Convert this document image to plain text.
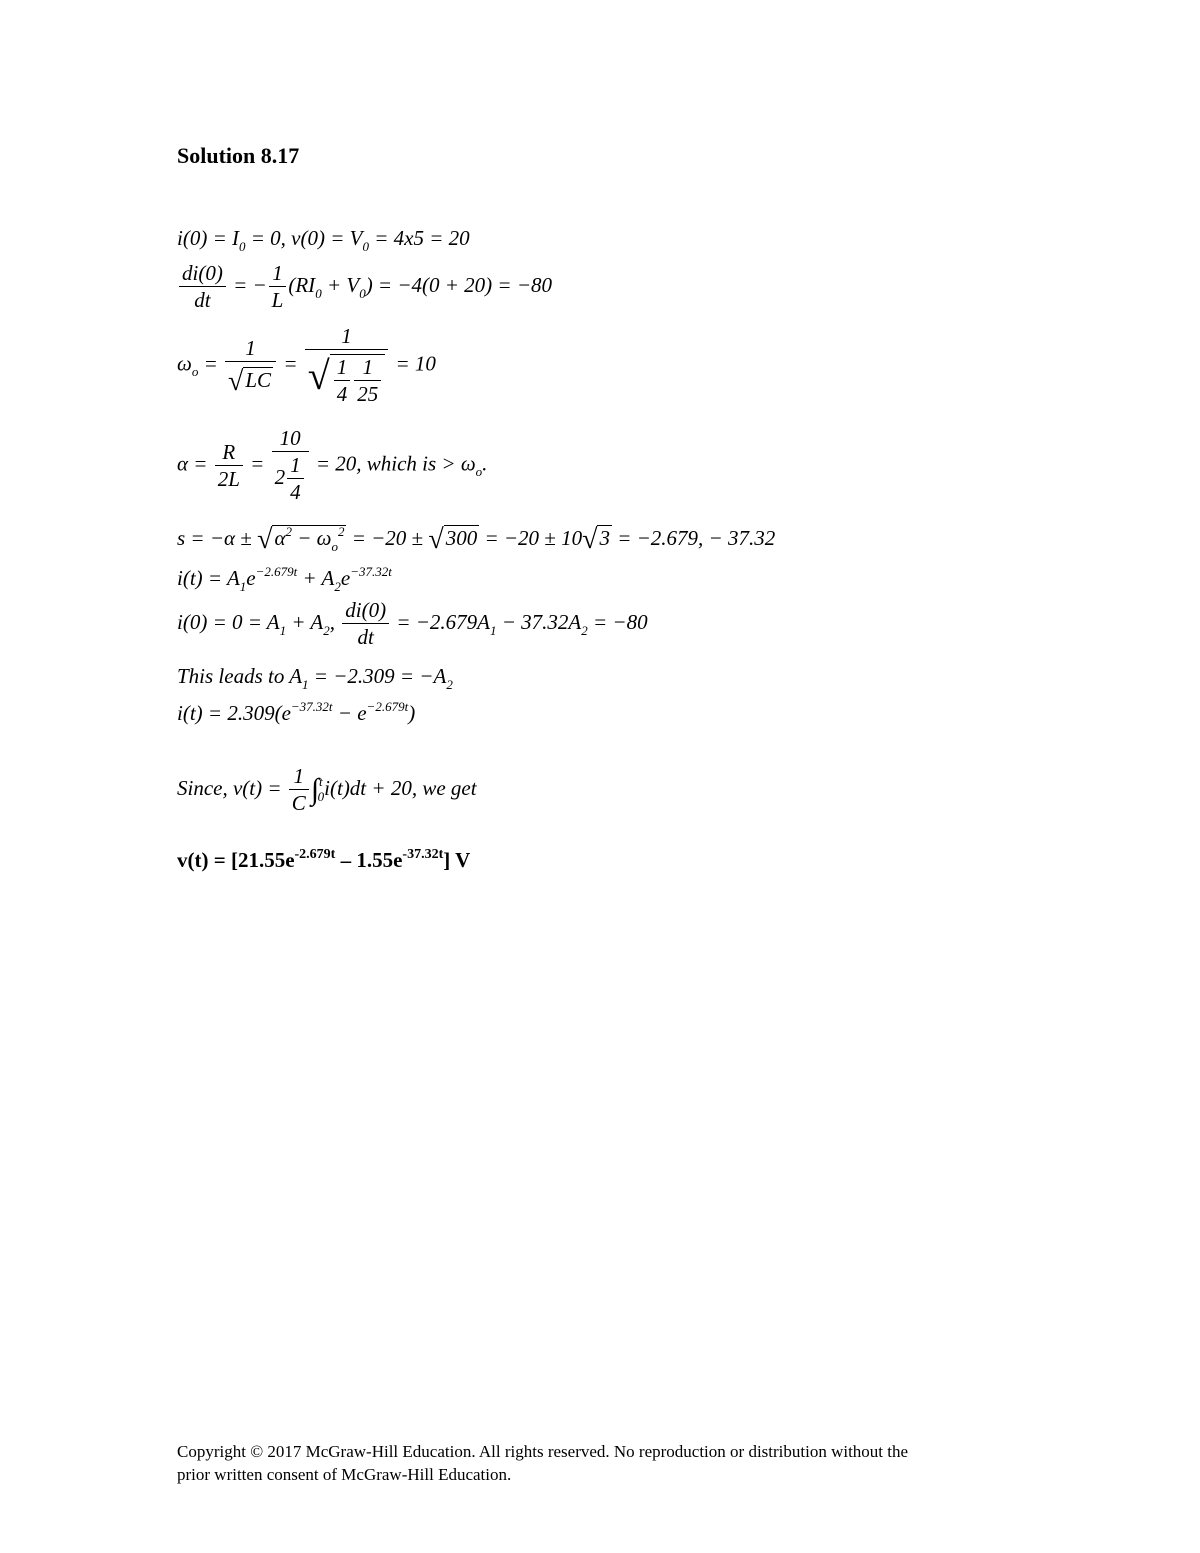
Solution 8.17
$i(0) = I_0 = 0$, $v(0) = V_0 = 4x5 = 20$
$\frac{di(0)}{dt}$ = − $\frac{1}{L} (RI_0 + V_0) = -4(0 + 20) = -80$
$\omega_o = \frac{1}{√LC} = \frac{1}{√ \frac{1}{4} \frac{1}{25}} = 10$
$\alpha = \frac{R}{2L} = \frac{10}{2 \frac{1}{4}} = 20$, which is > $\omega_o$.
$s = -\alpha \pm √\alpha^2 - \omega_o^2 = -20 \pm √300 = -20 \pm 10√3 = -2.679$, − 37.32
$i(t) = A_1e^{-2.679t} + A_2e^{-37.32t}$
$i(0) = 0 = A_1 + A_2$, $\frac{di(0)}{dt} = -2.679A_1 - 37.32A_2 = -80$
This leads to $A_1 = -2.309 = -A_2$
$i(t) = 2.309(e^{-37.32t} - e^{-2.679t})$
Since, $v(t) = \frac{1}{C} \int^t_0i(t)dt + 20$, we get
$v(t) = [21.55e^{-2.679t} - 1.55e^{-37.32t}]$ V
Copyright © 2017 McGraw-Hill Education. All rights reserved. No reproduction or distribution without the
prior written consent of McGraw-Hill Education.
